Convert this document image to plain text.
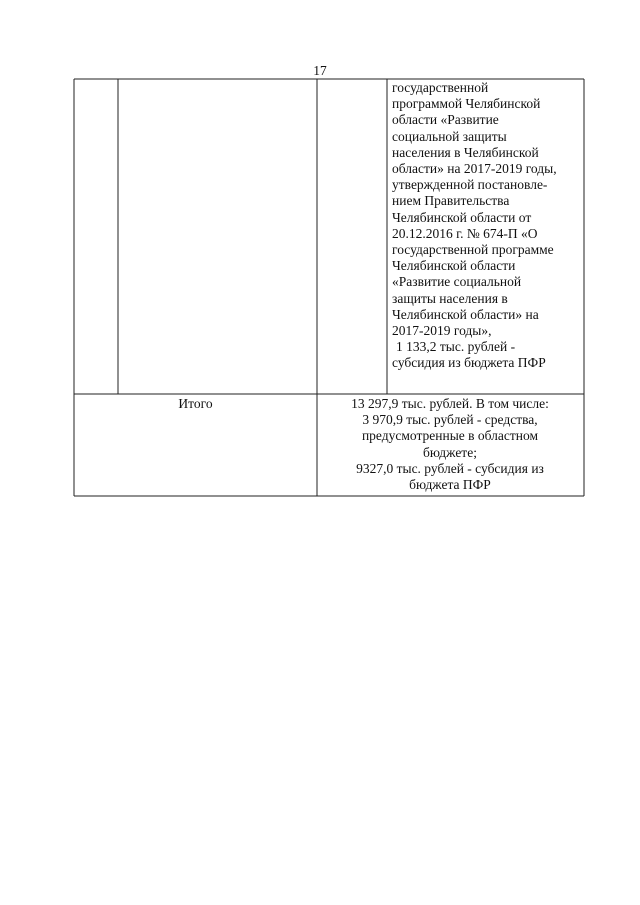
17
государственной
программой Челябинской
области «Развитие
социальной защиты
населения в Челябинской
области» на 2017-2019 годы,
утвержденной постановле-
нием Правительства
Челябинской области от
20.12.2016 г. № 674-П «О
государственной программе
Челябинской области
«Развитие социальной
защиты населения в
Челябинской области» на
2017-2019 годы»,
1 133,2 тыс. рублей -
субсидия из бюджета ПФР
Итого	13 297,9 тыс. рублей. В том числе:
3 970,9 тыс. рублей - средства,
предусмотренные в областном
бюджете;
9327,0 тыс. рублей - субсидия из
бюджета ПФР
